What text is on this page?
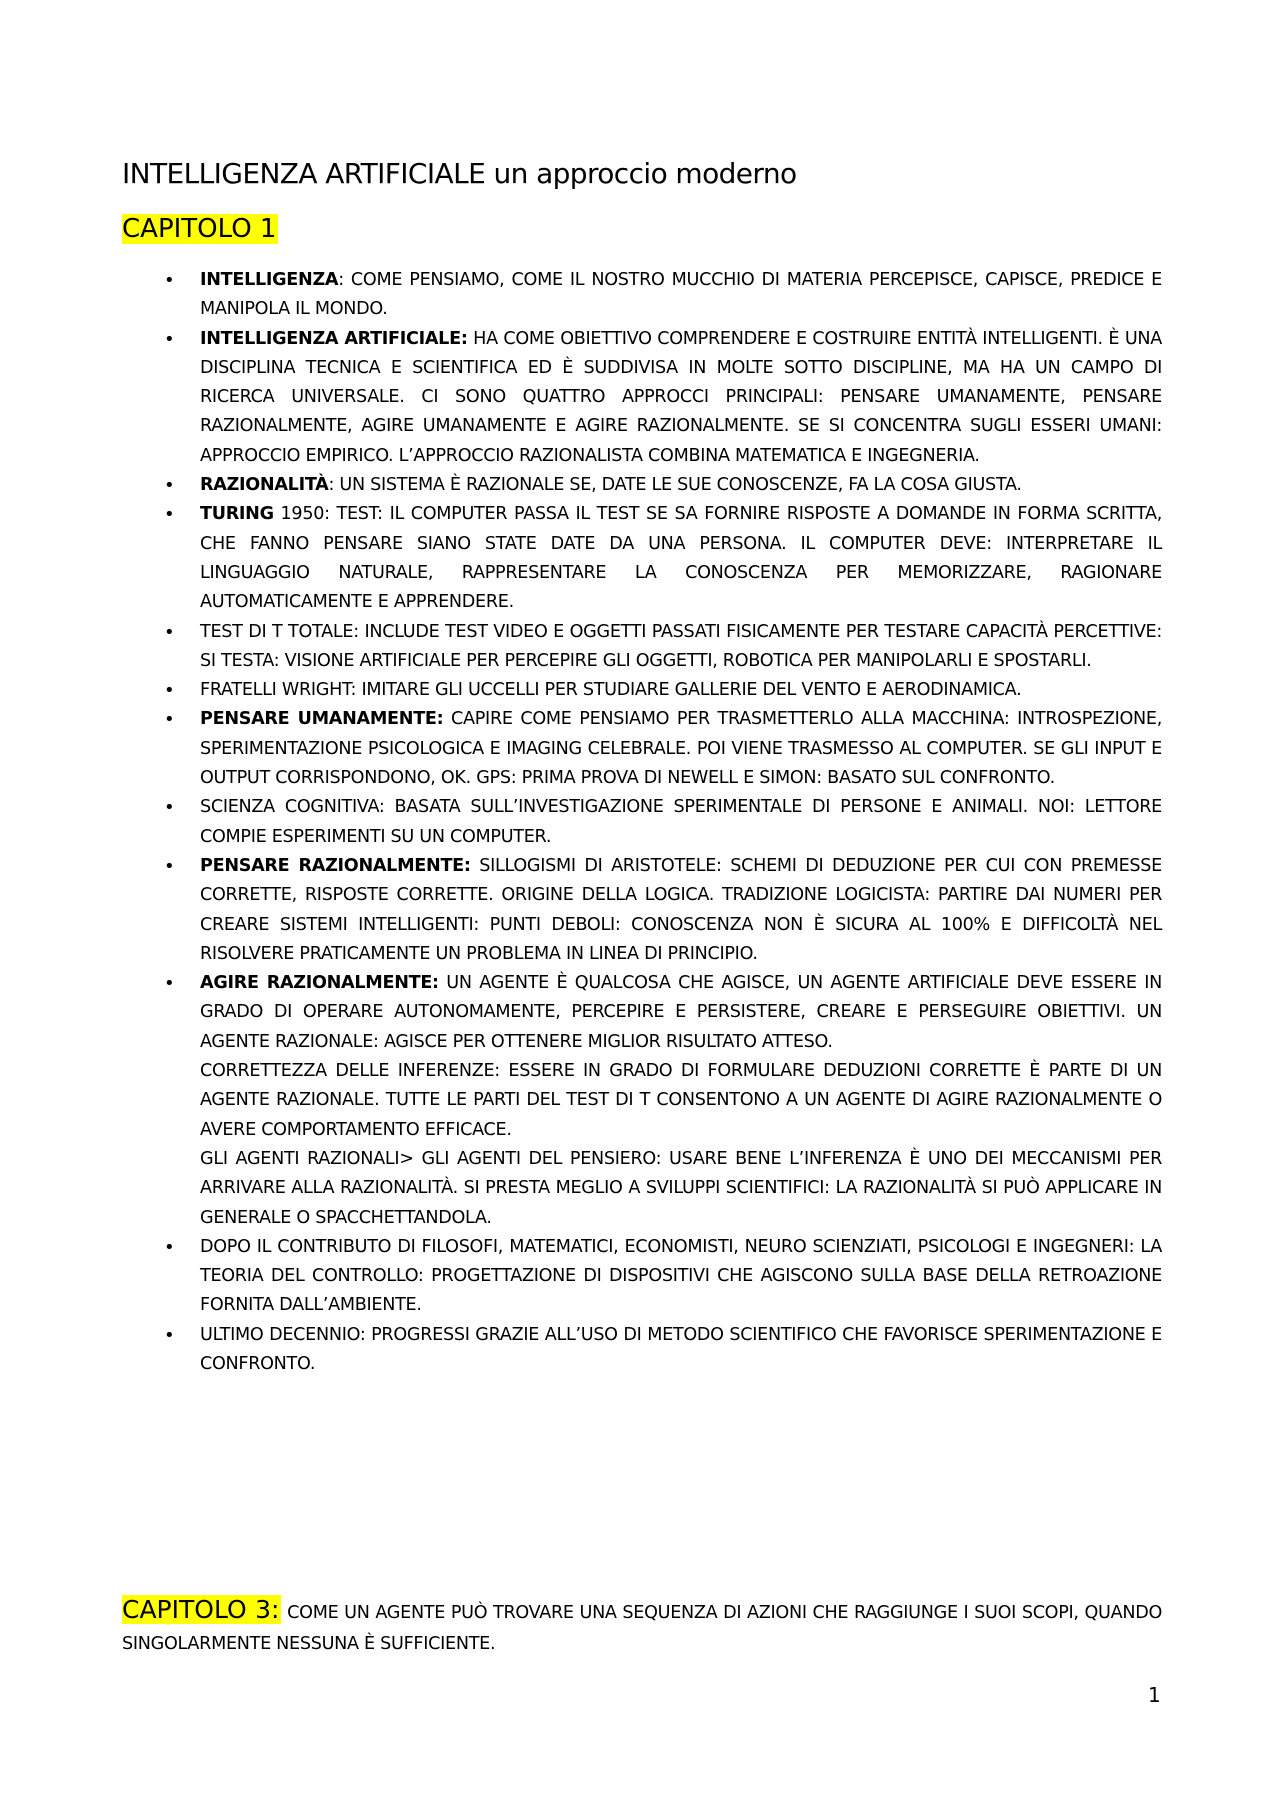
INTELLIGENZA ARTIFICIALE un approccio moderno
CAPITOLO 1
• INTELLIGENZA: COME PENSIAMO, COME IL NOSTRO MUCCHIO DI MATERIA PERCEPISCE, CAPISCE, PREDICE E MANIPOLA IL MONDO.
• INTELLIGENZA ARTIFICIALE: HA COME OBIETTIVO COMPRENDERE E COSTRUIRE ENTITÀ INTELLIGENTI. È UNA DISCIPLINA TECNICA E SCIENTIFICA ED È SUDDIVISA IN MOLTE SOTTO DISCIPLINE, MA HA UN CAMPO DI RICERCA UNIVERSALE. CI SONO QUATTRO APPROCCI PRINCIPALI: PENSARE UMANAMENTE, PENSARE RAZIONALMENTE, AGIRE UMANAMENTE E AGIRE RAZIONALMENTE. SE SI CONCENTRA SUGLI ESSERI UMANI: APPROCCIO EMPIRICO. L’APPROCCIO RAZIONALISTA COMBINA MATEMATICA E INGEGNERIA.
• RAZIONALITÀ: UN SISTEMA È RAZIONALE SE, DATE LE SUE CONOSCENZE, FA LA COSA GIUSTA.
• TURING 1950: TEST: IL COMPUTER PASSA IL TEST SE SA FORNIRE RISPOSTE A DOMANDE IN FORMA SCRITTA, CHE FANNO PENSARE SIANO STATE DATE DA UNA PERSONA. IL COMPUTER DEVE: INTERPRETARE IL LINGUAGGIO NATURALE, RAPPRESENTARE LA CONOSCENZA PER MEMORIZZARE, RAGIONARE AUTOMATICAMENTE E APPRENDERE.
• TEST DI T TOTALE: INCLUDE TEST VIDEO E OGGETTI PASSATI FISICAMENTE PER TESTARE CAPACITÀ PERCETTIVE: SI TESTA: VISIONE ARTIFICIALE PER PERCEPIRE GLI OGGETTI, ROBOTICA PER MANIPOLARLI E SPOSTARLI.
• FRATELLI WRIGHT: IMITARE GLI UCCELLI PER STUDIARE GALLERIE DEL VENTO E AERODINAMICA.
• PENSARE UMANAMENTE: CAPIRE COME PENSIAMO PER TRASMETTERLO ALLA MACCHINA: INTROSPEZIONE, SPERIMENTAZIONE PSICOLOGICA E IMAGING CELEBRALE. POI VIENE TRASMESSO AL COMPUTER. SE GLI INPUT E OUTPUT CORRISPONDONO, OK. GPS: PRIMA PROVA DI NEWELL E SIMON: BASATO SUL CONFRONTO.
• SCIENZA COGNITIVA: BASATA SULL’INVESTIGAZIONE SPERIMENTALE DI PERSONE E ANIMALI. NOI: LETTORE COMPIE ESPERIMENTI SU UN COMPUTER.
• PENSARE RAZIONALMENTE: SILLOGISMI DI ARISTOTELE: SCHEMI DI DEDUZIONE PER CUI CON PREMESSE CORRETTE, RISPOSTE CORRETTE. ORIGINE DELLA LOGICA. TRADIZIONE LOGICISTA: PARTIRE DAI NUMERI PER CREARE SISTEMI INTELLIGENTI: PUNTI DEBOLI: CONOSCENZA NON È SICURA AL 100% E DIFFICOLTÀ NEL RISOLVERE PRATICAMENTE UN PROBLEMA IN LINEA DI PRINCIPIO.
• AGIRE RAZIONALMENTE: UN AGENTE È QUALCOSA CHE AGISCE, UN AGENTE ARTIFICIALE DEVE ESSERE IN GRADO DI OPERARE AUTONOMAMENTE, PERCEPIRE E PERSISTERE, CREARE E PERSEGUIRE OBIETTIVI. UN AGENTE RAZIONALE: AGISCE PER OTTENERE MIGLIOR RISULTATO ATTESO.
CORRETTEZZA DELLE INFERENZE: ESSERE IN GRADO DI FORMULARE DEDUZIONI CORRETTE È PARTE DI UN AGENTE RAZIONALE. TUTTE LE PARTI DEL TEST DI T CONSENTONO A UN AGENTE DI AGIRE RAZIONALMENTE O AVERE COMPORTAMENTO EFFICACE.
GLI AGENTI RAZIONALI> GLI AGENTI DEL PENSIERO: USARE BENE L’INFERENZA È UNO DEI MECCANISMI PER ARRIVARE ALLA RAZIONALITÀ. SI PRESTA MEGLIO A SVILUPPI SCIENTIFICI: LA RAZIONALITÀ SI PUÒ APPLICARE IN GENERALE O SPACCHETTANDOLA.
• DOPO IL CONTRIBUTO DI FILOSOFI, MATEMATICI, ECONOMISTI, NEURO SCIENZIATI, PSICOLOGI E INGEGNERI: LA TEORIA DEL CONTROLLO: PROGETTAZIONE DI DISPOSITIVI CHE AGISCONO SULLA BASE DELLA RETROAZIONE FORNITA DALL’AMBIENTE.
• ULTIMO DECENNIO: PROGRESSI GRAZIE ALL’USO DI METODO SCIENTIFICO CHE FAVORISCE SPERIMENTAZIONE E CONFRONTO.
CAPITOLO 3: COME UN AGENTE PUÒ TROVARE UNA SEQUENZA DI AZIONI CHE RAGGIUNGE I SUOI SCOPI, QUANDO SINGOLARMENTE NESSUNA È SUFFICIENTE.
1
